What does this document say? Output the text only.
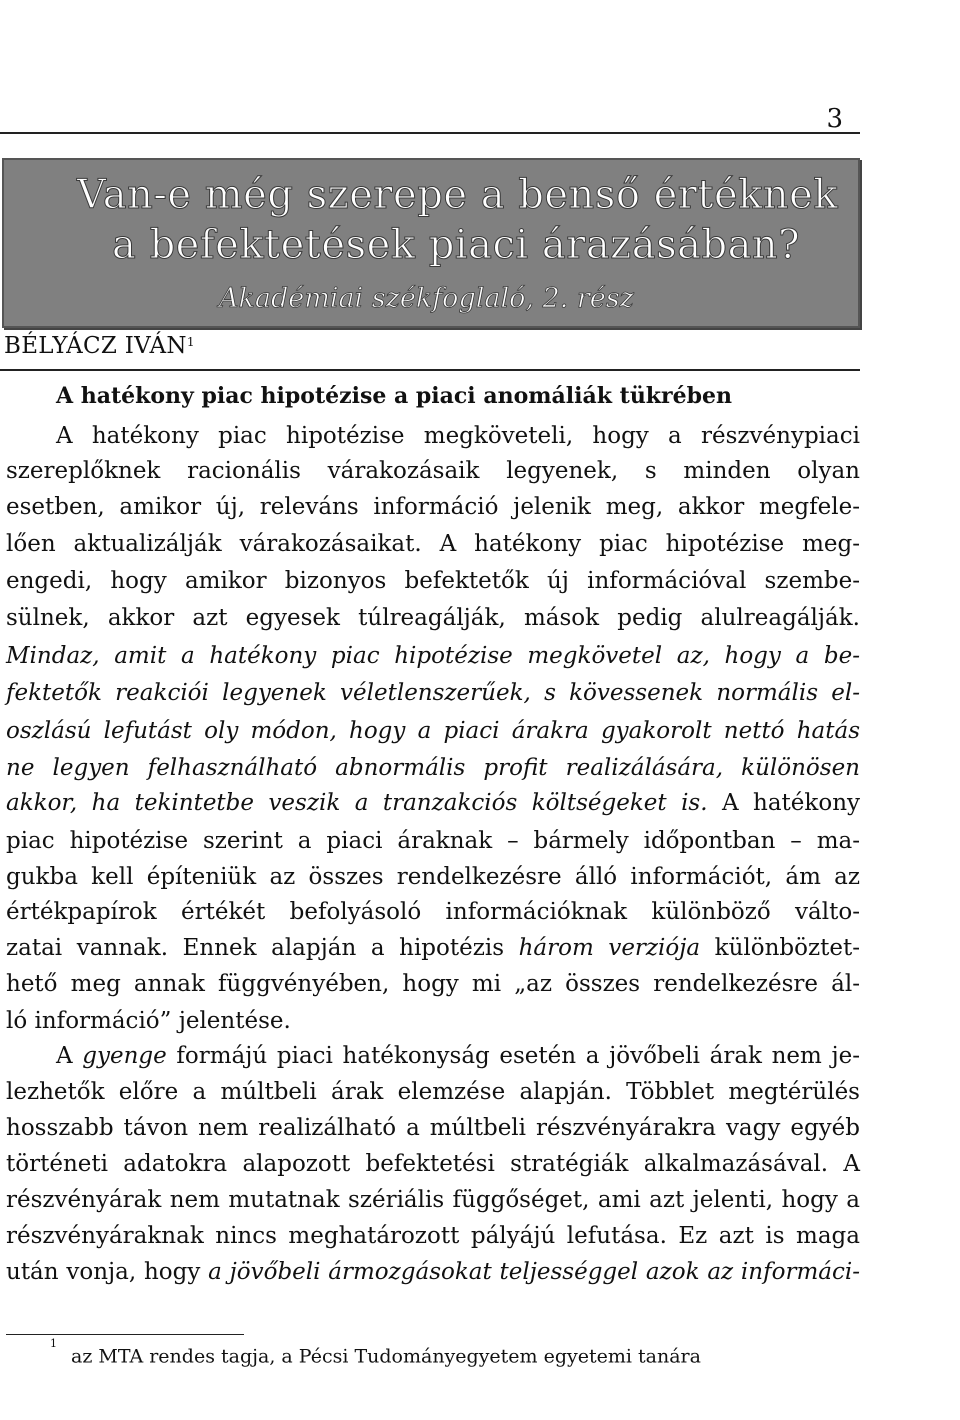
3
Van-e még szerepe a benső értéknek
a befektetések piaci árazásában?
Akadémiai székfoglaló, 2. rész
BÉLYÁCZ IVÁN$^1$
A hatékony piac hipotézise a piaci anomáliák tükrében
A hatékony piac hipotézise megköveteli, hogy a részvénypiaci
szereplőknek racionális várakozásaik legyenek, s minden olyan
esetben, amikor új, releváns információ jelenik meg, akkor megfele-
lően aktualizálják várakozásaikat. A hatékony piac hipotézise meg-
engedi, hogy amikor bizonyos befektetők új információval szembe-
sülnek, akkor azt egyesek túlreagálják, mások pedig alulreagálják.
Mindaz, amit a hatékony piac hipotézise megkövetel az, hogy a be-
fektetők reakciói legyenek véletlenszerűek, s kövessenek normális el-
oszlású lefutást oly módon, hogy a piaci árakra gyakorolt nettó hatás
ne legyen felhasználható abnormális profit realizálására, különösen
akkor, ha tekintetbe veszik a tranzakciós költségeket is. A hatékony
piac hipotézise szerint a piaci áraknak – bármely időpontban – ma-
gukba kell építeniük az összes rendelkezésre álló információt, ám az
értékpapírok értékét befolyásoló információknak különböző válto-
zatai vannak. Ennek alapján a hipotézis három verziója különböztet-
hető meg annak függvényében, hogy mi „az összes rendelkezésre ál-
ló információ” jelentése.
A gyenge formájú piaci hatékonyság esetén a jövőbeli árak nem je-
lezhetők előre a múltbeli árak elemzése alapján. Többlet megtérülés
hosszabb távon nem realizálható a múltbeli részvényárakra vagy egyéb
történeti adatokra alapozott befektetési stratégiák alkalmazásával. A
részvényárak nem mutatnak szériális függőséget, ami azt jelenti, hogy a
részvényáraknak nincs meghatározott pályájú lefutása. Ez azt is maga
után vonja, hogy a jövőbeli ármozgásokat teljességgel azok az informáci-
$^1$az MTA rendes tagja, a Pécsi Tudományegyetem egyetemi tanára
